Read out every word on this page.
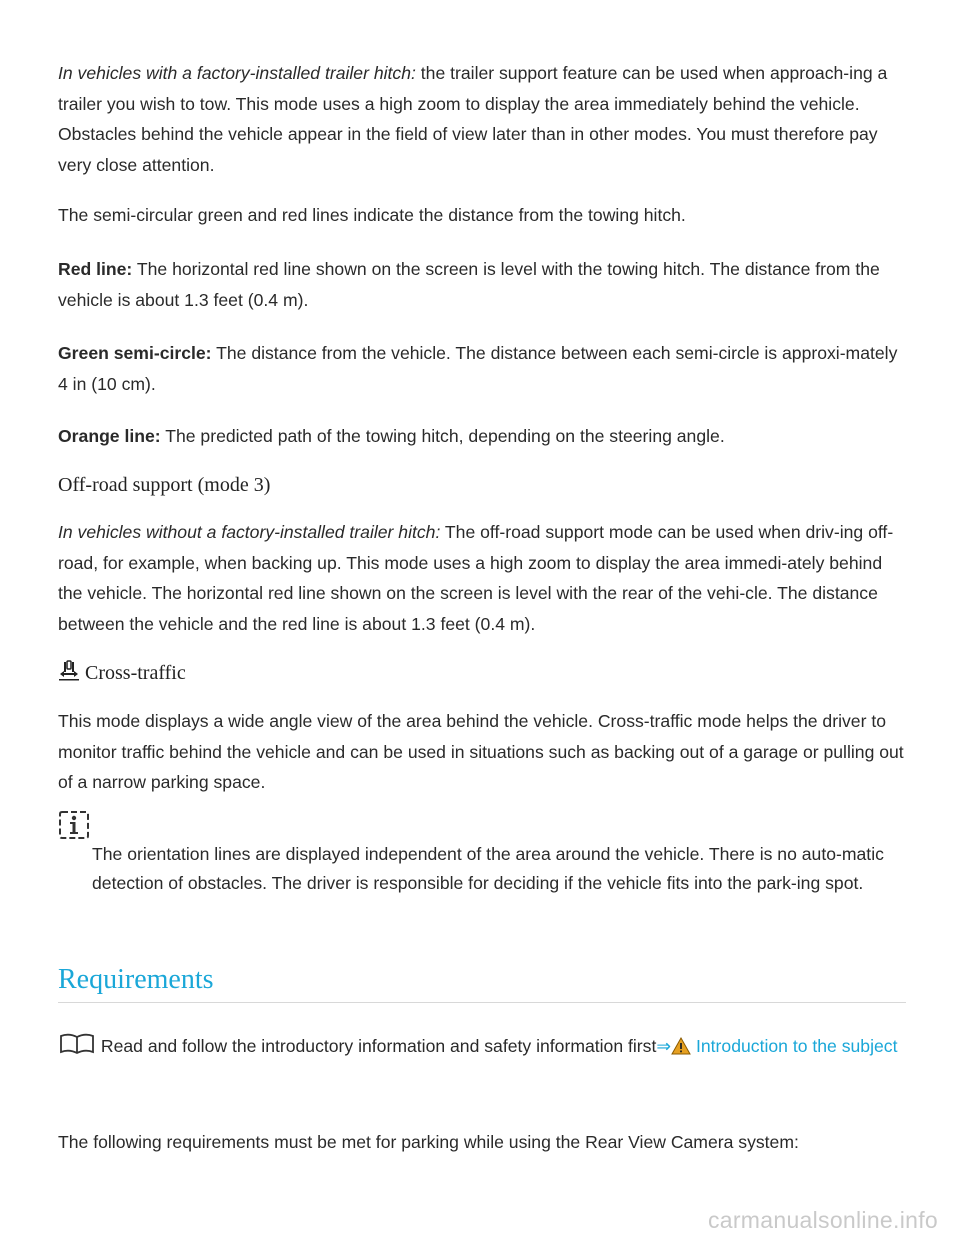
In vehicles with a factory-installed trailer hitch: the trailer support feature can be used when approach-ing a trailer you wish to tow. This mode uses a high zoom to display the area immediately behind the vehicle. Obstacles behind the vehicle appear in the field of view later than in other modes. You must therefore pay very close attention.

The semi-circular green and red lines indicate the distance from the towing hitch.

Red line: The horizontal red line shown on the screen is level with the towing hitch. The distance from the vehicle is about 1.3 feet (0.4 m).

Green semi-circle: The distance from the vehicle. The distance between each semi-circle is approxi-mately 4 in (10 cm).

Orange line: The predicted path of the towing hitch, depending on the steering angle.

Off-road support (mode 3)

In vehicles without a factory-installed trailer hitch: The off-road support mode can be used when driv-ing off-road, for example, when backing up. This mode uses a high zoom to display the area immedi-ately behind the vehicle. The horizontal red line shown on the screen is level with the rear of the vehi-cle. The distance between the vehicle and the red line is about 1.3 feet (0.4 m).

Cross-traffic

This mode displays a wide angle view of the area behind the vehicle. Cross-traffic mode helps the driver to monitor traffic behind the vehicle and can be used in situations such as backing out of a garage or pulling out of a narrow parking space.

The orientation lines are displayed independent of the area around the vehicle. There is no auto-matic detection of obstacles. The driver is responsible for deciding if the vehicle fits into the park-ing spot.

Requirements

Read and follow the introductory information and safety information first⇒ Introduction to the subject

The following requirements must be met for parking while using the Rear View Camera system:

carmanualsonline.info
